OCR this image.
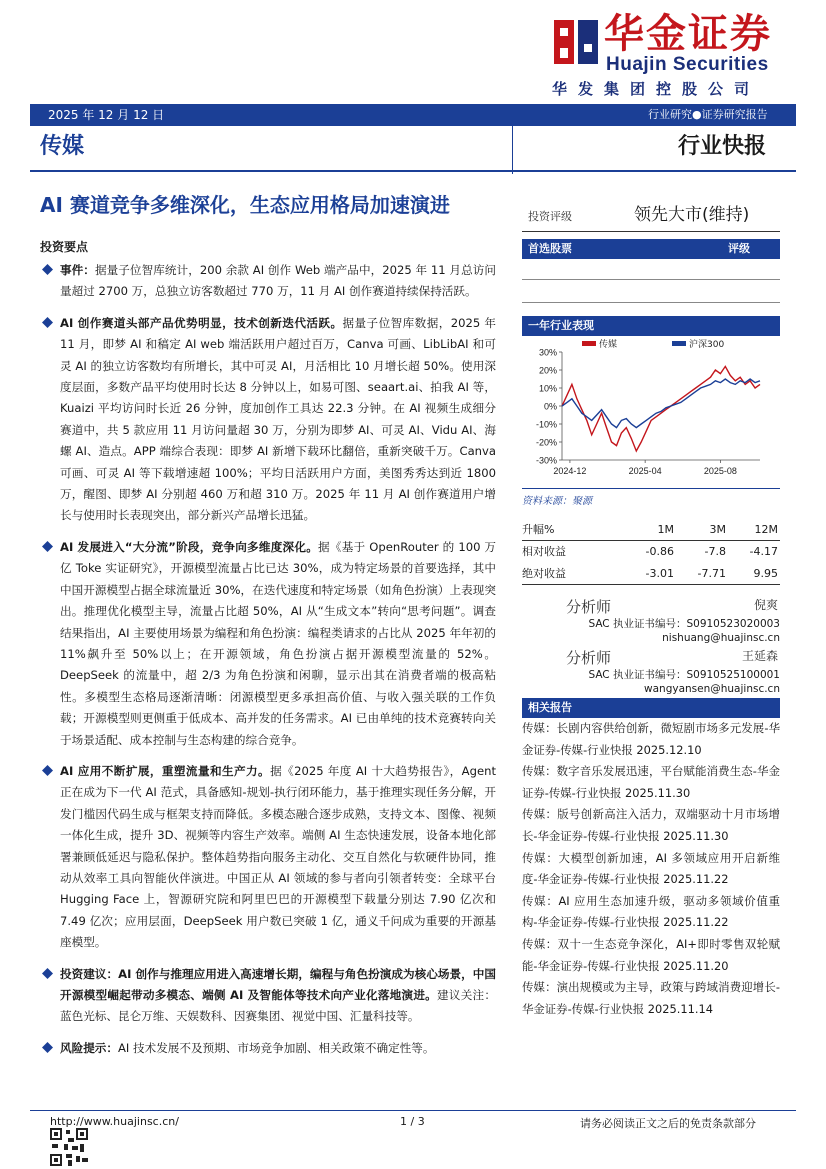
华金证券
Huajin Securities
华发集团控股公司
2025 年 12 月 12 日	行业研究●证券研究报告
传媒	行业快报
AI 赛道竞争多维深化，生态应用格局加速演进
投资要点
事件：据量子位智库统计，200 余款 AI 创作 Web 端产品中，2025 年 11 月总访问量超过 2700 万，总独立访客数超过 770 万，11 月 AI 创作赛道持续保持活跃。
AI 创作赛道头部产品优势明显，技术创新迭代活跃。据量子位智库数据，2025 年 11 月，即梦 AI 和稿定 AI web 端活跃用户超过百万，Canva 可画、LibLibAI 和可灵 AI 的独立访客数均有所增长，其中可灵 AI，月活相比 10 月增长超 50%。使用深度层面，多数产品平均使用时长达 8 分钟以上，如易可图、seaart.ai、拍我 AI 等，Kuaizi 平均访问时长近 26 分钟，度加创作工具达 22.3 分钟。在 AI 视频生成细分赛道中，共 5 款应用 11 月访问量超 30 万，分别为即梦 AI、可灵 AI、Vidu AI、海螺 AI、造点。APP 端综合表现：即梦 AI 新增下载环比翻倍，重新突破千万。Canva 可画、可灵 AI 等下载增速超 100%；平均日活跃用户方面，美图秀秀达到近 1800 万，醒图、即梦 AI 分别超 460 万和超 310 万。2025 年 11 月 AI 创作赛道用户增长与使用时长表现突出，部分新兴产品增长迅猛。
AI 发展进入“大分流”阶段，竞争向多维度深化。据《基于 OpenRouter 的 100 万亿 Toke 实证研究》，开源模型流量占比已达 30%，成为特定场景的首要选择，其中中国开源模型占据全球流量近 30%，在迭代速度和特定场景（如角色扮演）上表现突出。推理优化模型主导，流量占比超 50%，AI 从“生成文本”转向“思考问题”。调查结果指出，AI 主要使用场景为编程和角色扮演：编程类请求的占比从 2025 年年初的 11%飙升至 50%以上；在开源领域，角色扮演占据开源模型流量的 52%。DeepSeek 的流量中，超 2/3 为角色扮演和闲聊，显示出其在消费者端的极高粘性。多模型生态格局逐渐清晰：闭源模型更多承担高价值、与收入强关联的工作负载；开源模型则更侧重于低成本、高并发的任务需求。AI 已由单纯的技术竞赛转向关于场景适配、成本控制与生态构建的综合竞争。
AI 应用不断扩展，重塑流量和生产力。据《2025 年度 AI 十大趋势报告》，Agent 正在成为下一代 AI 范式，具备感知-规划-执行闭环能力，基于推理实现任务分解，开发门槛因代码生成与框架支持而降低。多模态融合逐步成熟，支持文本、图像、视频一体化生成，提升 3D、视频等内容生产效率。端侧 AI 生态快速发展，设备本地化部署兼顾低延迟与隐私保护。整体趋势指向服务主动化、交互自然化与软硬件协同，推动从效率工具向智能伙伴演进。中国正从 AI 领域的参与者向引领者转变：全球平台 Hugging Face 上，智源研究院和阿里巴巴的开源模型下载量分别达 7.90 亿次和 7.49 亿次；应用层面，DeepSeek 用户数已突破 1 亿，通义千问成为重要的开源基座模型。
投资建议：AI 创作与推理应用进入高速增长期，编程与角色扮演成为核心场景，中国开源模型崛起带动多模态、端侧 AI 及智能体等技术向产业化落地演进。建议关注：蓝色光标、昆仑万维、天娱数科、因赛集团、视觉中国、汇量科技等。
风险提示：AI 技术发展不及预期、市场竞争加剧、相关政策不确定性等。
投资评级	领先大市(维持)
首选股票	评级
一年行业表现
30%
20%
10%
0%
-10%
-20%
-30%
2024-12	2025-04	2025-08
传媒	沪深300
资料来源：聚源
升幅%	1M	3M	12M
相对收益	-0.86	-7.8	-4.17
绝对收益	-3.01	-7.71	9.95
分析师	倪爽
SAC 执业证书编号：S0910523020003
nishuang@huajinsc.cn
分析师	王延森
SAC 执业证书编号：S0910525100001
wangyansen@huajinsc.cn
相关报告
传媒：长剧内容供给创新，微短剧市场多元发展-华金证券-传媒-行业快报 2025.12.10
传媒：数字音乐发展迅速，平台赋能消费生态-华金证券-传媒-行业快报 2025.11.30
传媒：版号创新高注入活力，双端驱动十月市场增长-华金证券-传媒-行业快报 2025.11.30
传媒：大模型创新加速，AI 多领域应用开启新维度-华金证券-传媒-行业快报 2025.11.22
传媒：AI 应用生态加速升级，驱动多领域价值重构-华金证券-传媒-行业快报 2025.11.22
传媒：双十一生态竞争深化，AI+即时零售双轮赋能-华金证券-传媒-行业快报 2025.11.20
传媒：演出规模或为主导，政策与跨域消费迎增长-华金证券-传媒-行业快报 2025.11.14
http://www.huajinsc.cn/	1 / 3	请务必阅读正文之后的免责条款部分
